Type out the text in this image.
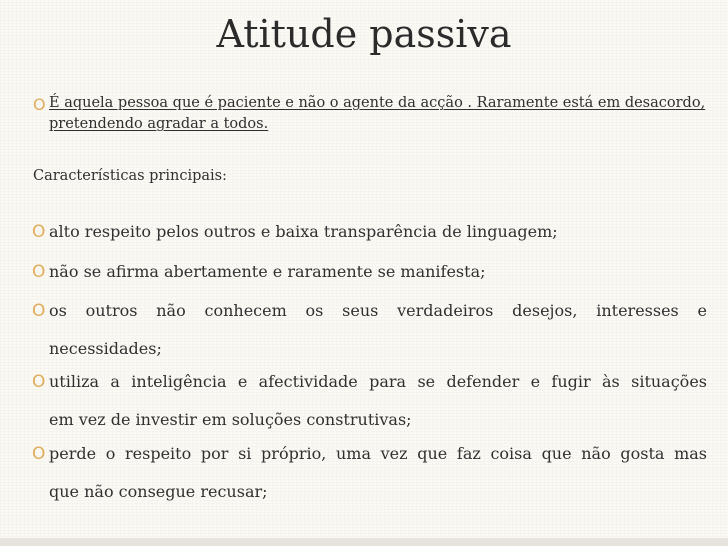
Atitude passiva
O É aquela pessoa que é paciente e não o agente da acção . Raramente está em desacordo, pretendendo agradar a todos.

Características principais:

O alto respeito pelos outros e baixa transparência de linguagem;

O não se afirma abertamente e raramente se manifesta;

O os outros não conhecem os seus verdadeiros desejos, interesses e
necessidades;
O utiliza a inteligência e afectividade para se defender e fugir às situações
em vez de investir em soluções construtivas;
O perde o respeito por si próprio, uma vez que faz coisa que não gosta mas
que não consegue recusar;
